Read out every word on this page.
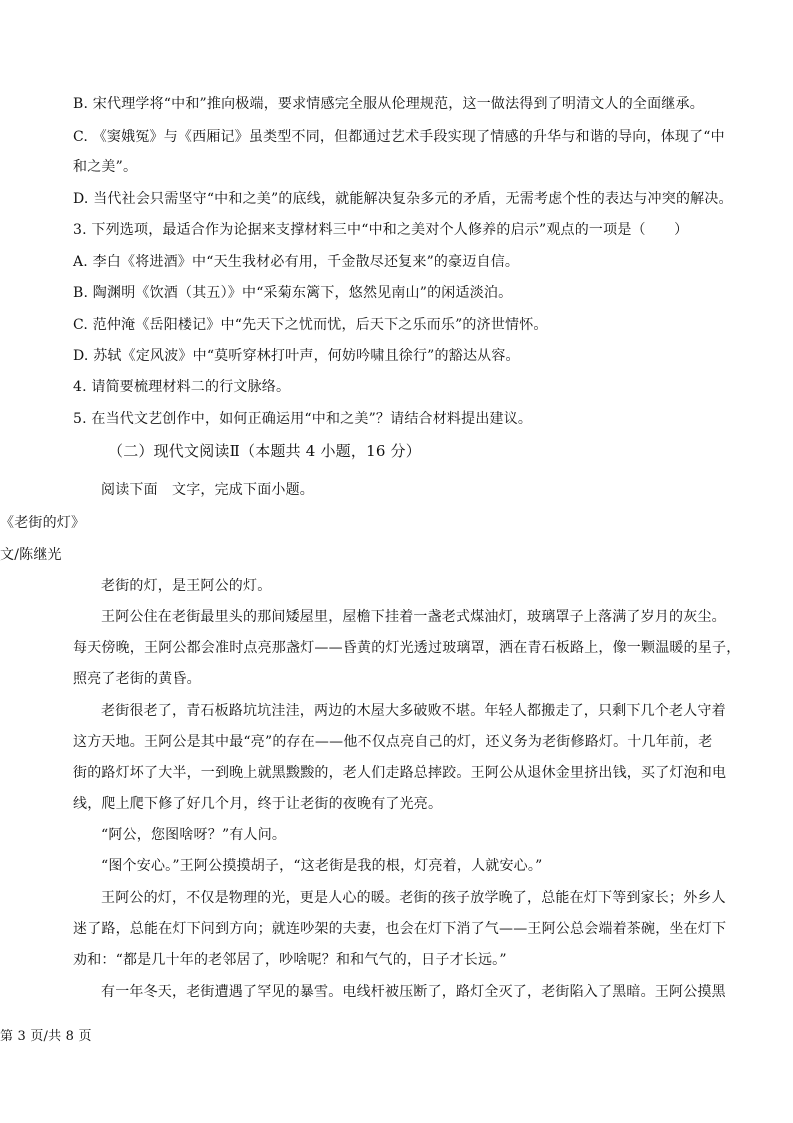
B. 宋代理学将“中和”推向极端，要求情感完全服从伦理规范，这一做法得到了明清文人的全面继承。
C. 《窦娥冤》与《西厢记》虽类型不同，但都通过艺术手段实现了情感的升华与和谐的导向，体现了“中
和之美”。
D. 当代社会只需坚守“中和之美”的底线，就能解决复杂多元的矛盾，无需考虑个性的表达与冲突的解决。
3. 下列选项，最适合作为论据来支撑材料三中“中和之美对个人修养的启示”观点的一项是（　　）
A. 李白《将进酒》中“天生我材必有用，千金散尽还复来”的豪迈自信。
B. 陶渊明《饮酒（其五）》中“采菊东篱下，悠然见南山”的闲适淡泊。
C. 范仲淹《岳阳楼记》中“先天下之忧而忧，后天下之乐而乐”的济世情怀。
D. 苏轼《定风波》中“莫听穿林打叶声，何妨吟啸且徐行”的豁达从容。
4. 请简要梳理材料二的行文脉络。
5. 在当代文艺创作中，如何正确运用“中和之美”？请结合材料提出建议。
（二）现代文阅读Ⅱ（本题共 4 小题，16 分）
阅读下面　文字，完成下面小题。
《老街的灯》
文/陈继光
老街的灯，是王阿公的灯。
王阿公住在老街最里头的那间矮屋里，屋檐下挂着一盏老式煤油灯，玻璃罩子上落满了岁月的灰尘。
每天傍晚，王阿公都会准时点亮那盏灯——昏黄的灯光透过玻璃罩，洒在青石板路上，像一颗温暖的星子，
照亮了老街的黄昏。
老街很老了，青石板路坑坑洼洼，两边的木屋大多破败不堪。年轻人都搬走了，只剩下几个老人守着
这方天地。王阿公是其中最“亮”的存在——他不仅点亮自己的灯，还义务为老街修路灯。十几年前，老
街的路灯坏了大半，一到晚上就黑黢黢的，老人们走路总摔跤。王阿公从退休金里挤出钱，买了灯泡和电
线，爬上爬下修了好几个月，终于让老街的夜晚有了光亮。
“阿公，您图啥呀？”有人问。
“图个安心。”王阿公摸摸胡子，“这老街是我的根，灯亮着，人就安心。”
王阿公的灯，不仅是物理的光，更是人心的暖。老街的孩子放学晚了，总能在灯下等到家长；外乡人
迷了路，总能在灯下问到方向；就连吵架的夫妻，也会在灯下消了气——王阿公总会端着茶碗，坐在灯下
劝和：“都是几十年的老邻居了，吵啥呢？和和气气的，日子才长远。”
有一年冬天，老街遭遇了罕见的暴雪。电线杆被压断了，路灯全灭了，老街陷入了黑暗。王阿公摸黑
第 3 页/共 8 页
